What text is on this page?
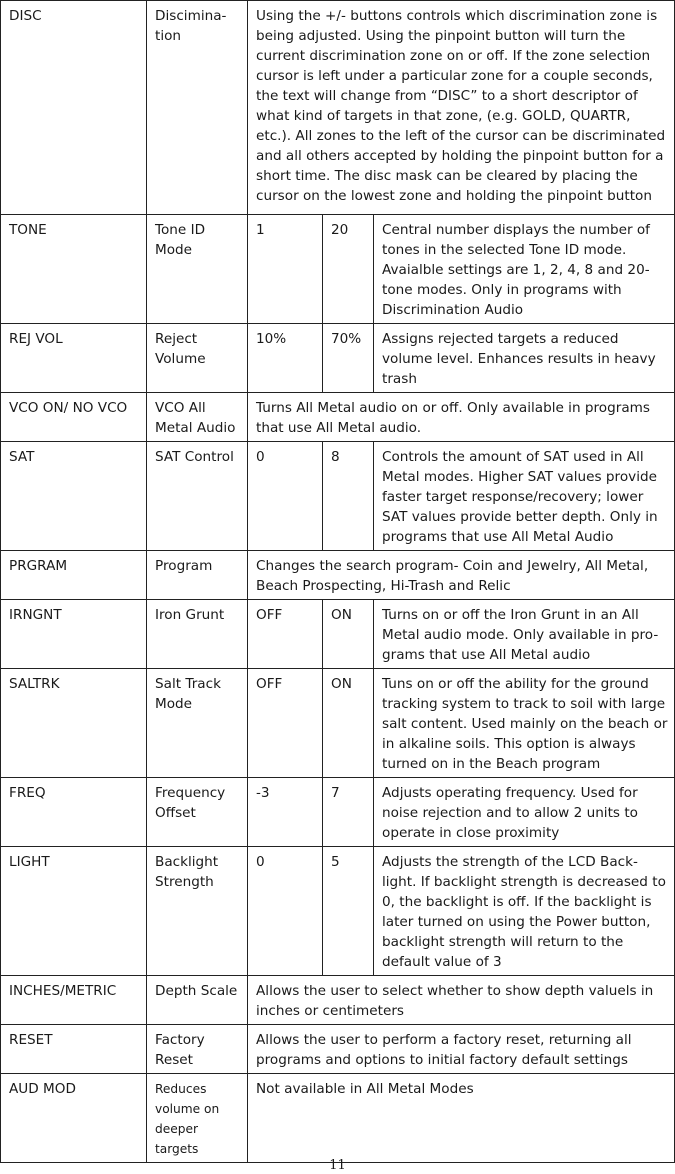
DISC	Discimina-tion	Using the +/- buttons controls which discrimination zone is being adjusted. Using the pinpoint button will turn the current discrimination zone on or off. If the zone selection cursor is left under a particular zone for a couple seconds, the text will change from “DISC” to a short descriptor of what kind of targets in that zone, (e.g. GOLD, QUARTR, etc.). All zones to the left of the cursor can be discriminated and all others accepted by holding the pinpoint button for a short time. The disc mask can be cleared by placing the cursor on the lowest zone and holding the pinpoint button		
TONE	Tone ID Mode	1	20	Central number displays the number of tones in the selected Tone ID mode. Avaialble settings are 1, 2, 4, 8 and 20-tone modes. Only in programs with Discrimination Audio
REJ VOL	Reject Volume	10%	70%	Assigns rejected targets a reduced volume level. Enhances results in heavy trash
VCO ON/ NO VCO	VCO All Metal Audio	Turns All Metal audio on or off. Only available in programs that use All Metal audio.		
SAT	SAT Control	0	8	Controls the amount of SAT used in All Metal modes. Higher SAT values provide faster target response/recovery; lower SAT values provide better depth. Only in programs that use All Metal Audio
PRGRAM	Program	Changes the search program- Coin and Jewelry, All Metal, Beach Prospecting, Hi-Trash and Relic		
IRNGNT	Iron Grunt	OFF	ON	Turns on or off the Iron Grunt in an All Metal audio mode. Only available in pro-grams that use All Metal audio
SALTRK	Salt Track Mode	OFF	ON	Tuns on or off the ability for the ground tracking system to track to soil with large salt content. Used mainly on the beach or in alkaline soils. This option is always turned on in the Beach program
FREQ	Frequency Offset	-3	7	Adjusts operating frequency. Used for noise rejection and to allow 2 units to operate in close proximity
LIGHT	Backlight Strength	0	5	Adjusts the strength of the LCD Back-light. If backlight strength is decreased to 0, the backlight is off. If the backlight is later turned on using the Power button, backlight strength will return to the default value of 3
INCHES/METRIC	Depth Scale	Allows the user to select whether to show depth valuels in inches or centimeters		
RESET	Factory Reset	Allows the user to perform a factory reset, returning all programs and options to initial factory default settings		
AUD MOD	Reduces volume on deeper targets	Not available in All Metal Modes		
11
